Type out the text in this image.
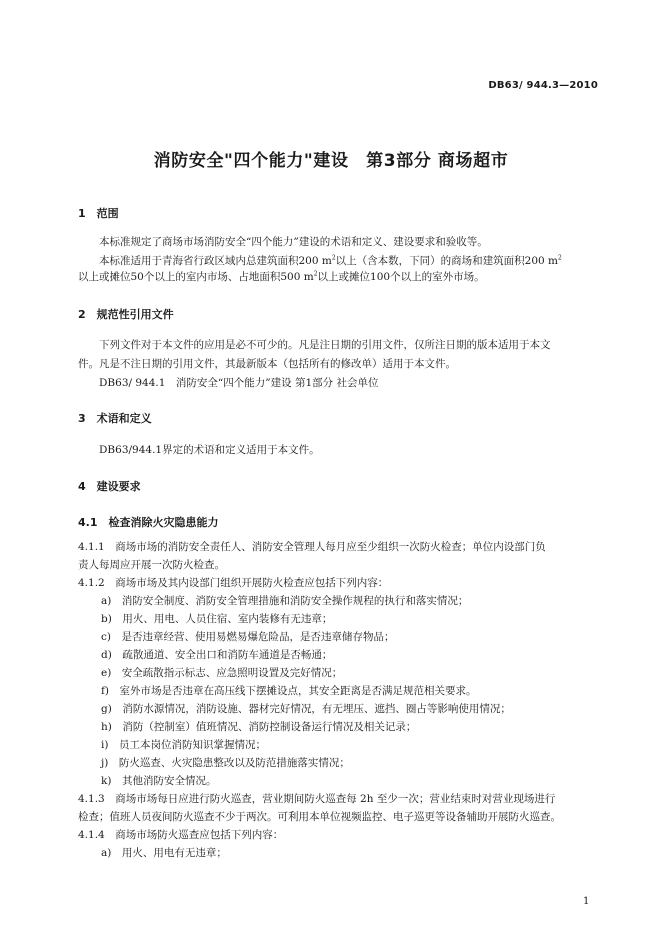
DB63/ 944.3—2010
消防安全"四个能力"建设　第3部分 商场超市
1　范围
本标准规定了商场市场消防安全“四个能力”建设的术语和定义、建设要求和验收等。
本标准适用于青海省行政区域内总建筑面积200 $m^2$以上（含本数，下同）的商场和建筑面积200 $m^2$
以上或摊位50个以上的室内市场、占地面积500 $m^2$以上或摊位100个以上的室外市场。
2　规范性引用文件
下列文件对于本文件的应用是必不可少的。凡是注日期的引用文件，仅所注日期的版本适用于本文
件。凡是不注日期的引用文件，其最新版本（包括所有的修改单）适用于本文件。
DB63/ 944.1　消防安全“四个能力”建设 第1部分 社会单位
3　术语和定义
DB63/944.1界定的术语和定义适用于本文件。
4　建设要求
4.1　检查消除火灾隐患能力
4.1.1　商场市场的消防安全责任人、消防安全管理人每月应至少组织一次防火检查；单位内设部门负
责人每周应开展一次防火检查。
4.1.2　商场市场及其内设部门组织开展防火检查应包括下列内容：
a)　消防安全制度、消防安全管理措施和消防安全操作规程的执行和落实情况；
b)　用火、用电、人员住宿、室内装修有无违章；
c)　是否违章经营、使用易燃易爆危险品，是否违章储存物品；
d)　疏散通道、安全出口和消防车通道是否畅通；
e)　安全疏散指示标志、应急照明设置及完好情况；
f)　室外市场是否违章在高压线下摆摊设点，其安全距离是否满足规范相关要求。
g)　消防水源情况，消防设施、器材完好情况，有无埋压、遮挡、圈占等影响使用情况；
h)　消防（控制室）值班情况、消防控制设备运行情况及相关记录；
i)　员工本岗位消防知识掌握情况；
j)　防火巡查、火灾隐患整改以及防范措施落实情况；
k)　其他消防安全情况。
4.1.3　商场市场每日应进行防火巡查，营业期间防火巡查每 2h 至少一次；营业结束时对营业现场进行
检查；值班人员夜间防火巡查不少于两次。可利用本单位视频监控、电子巡更等设备辅助开展防火巡查。
4.1.4　商场市场防火巡查应包括下列内容：
a)　用火、用电有无违章；
1
